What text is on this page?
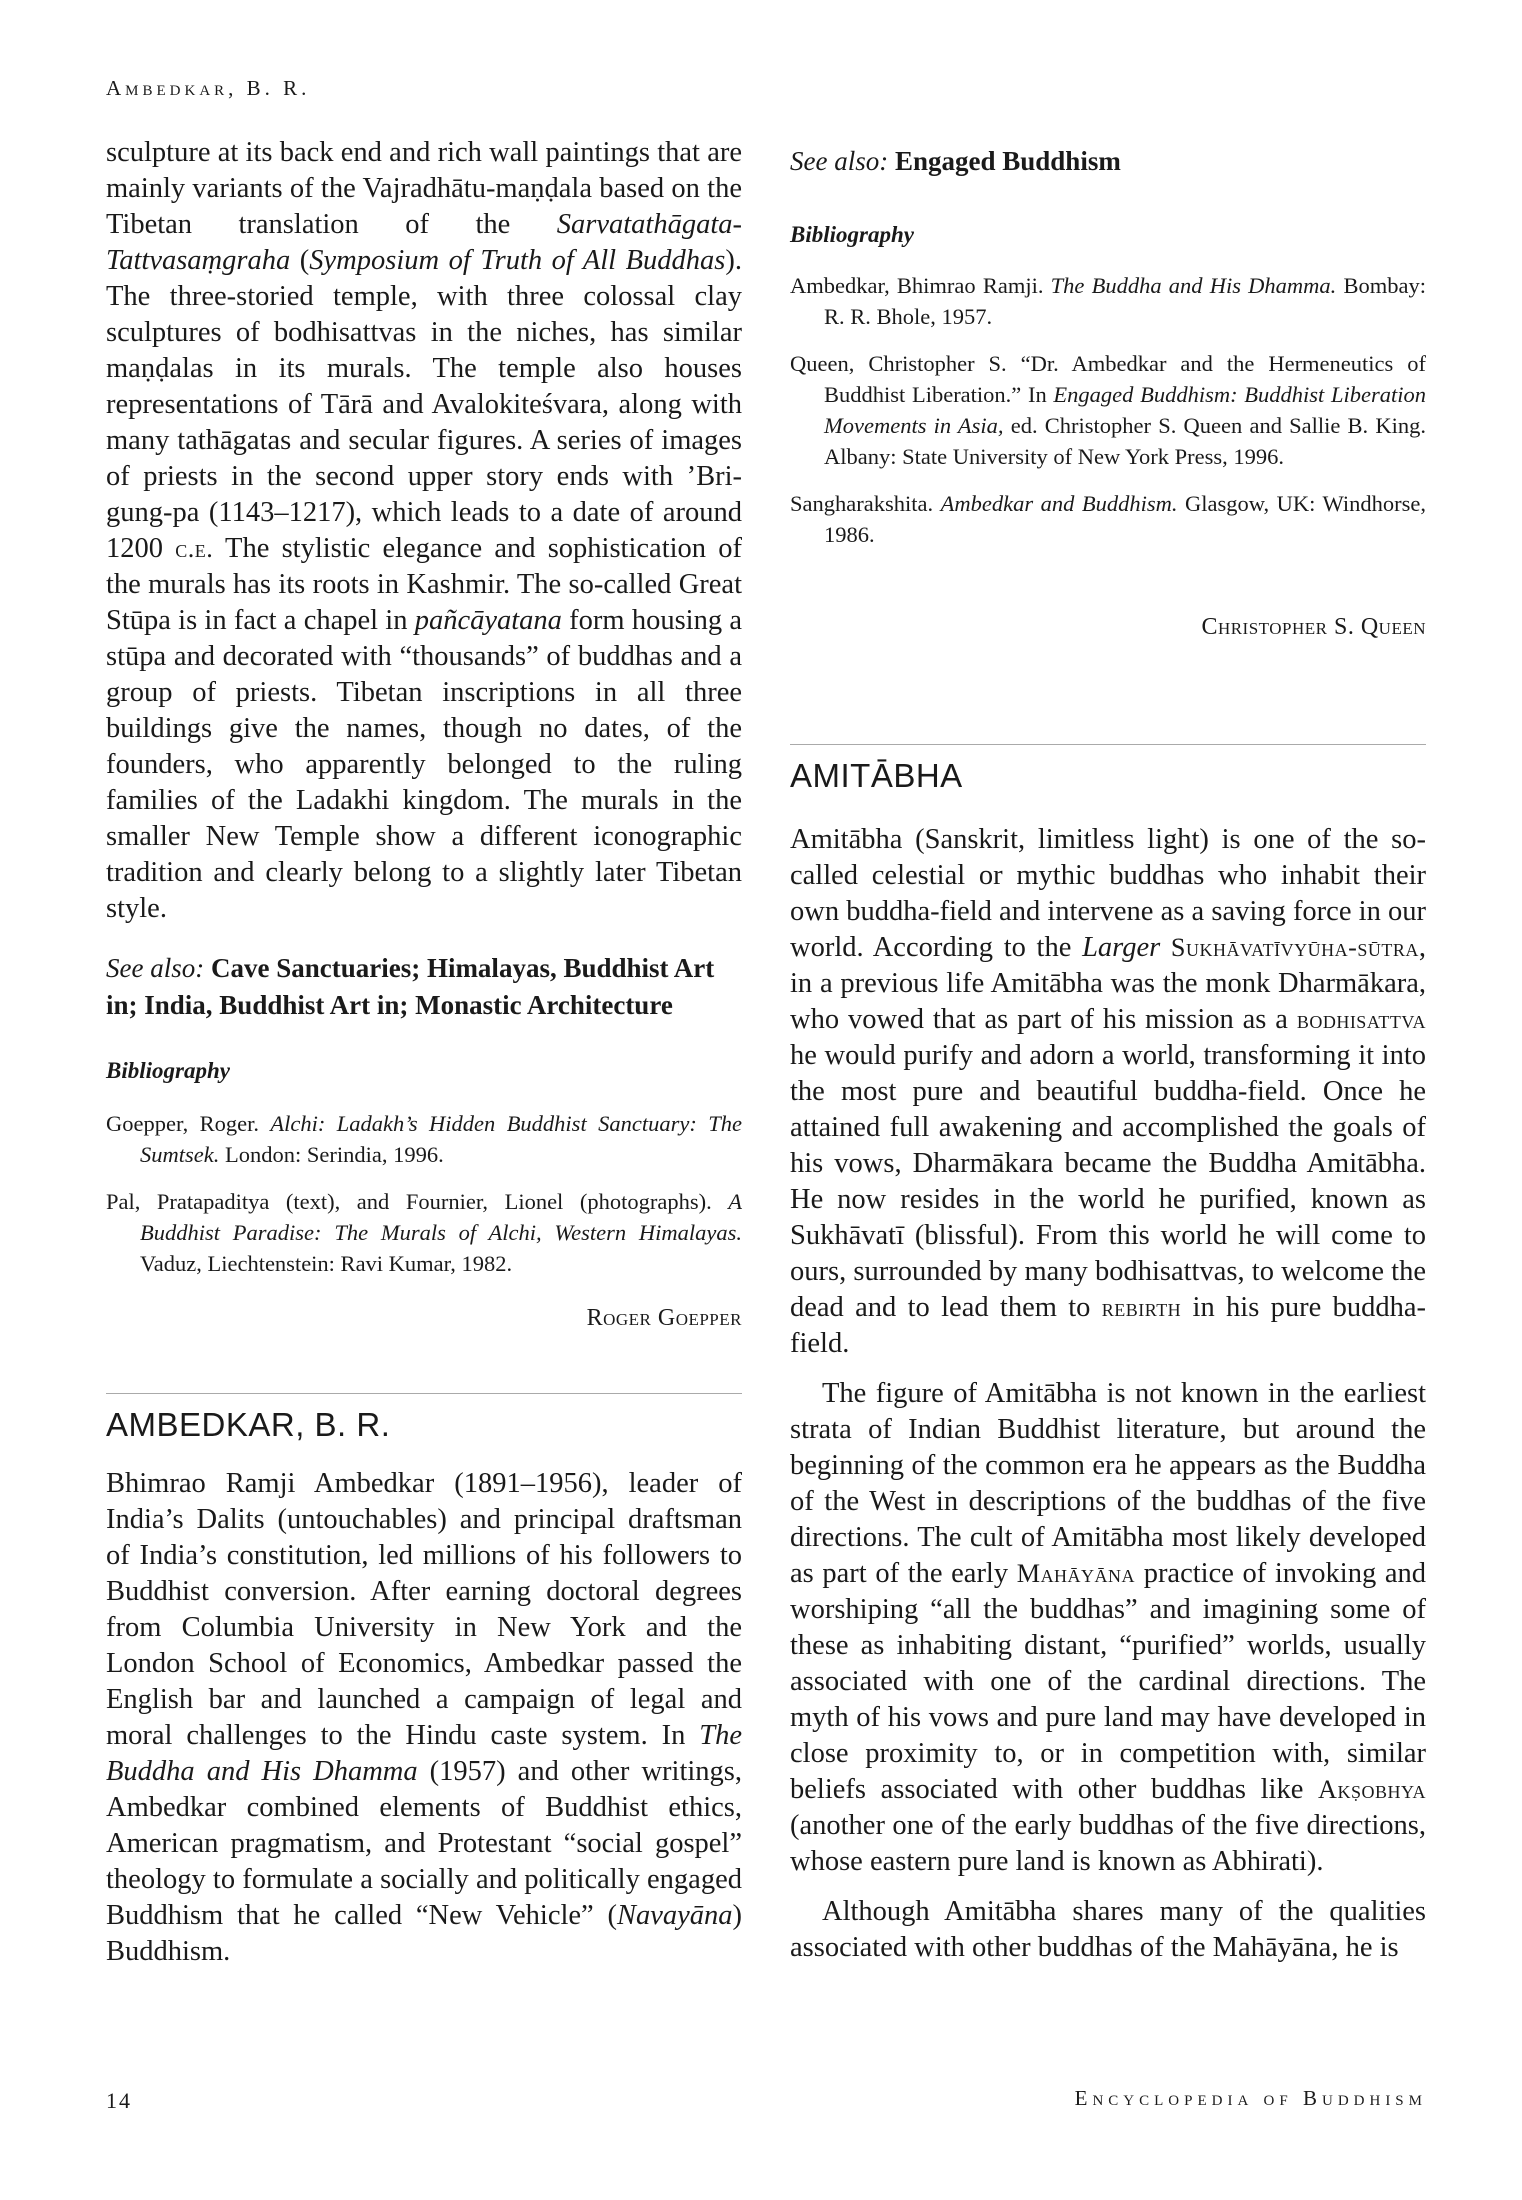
Ambedkar, B. R.

sculpture at its back end and rich wall paintings that are mainly variants of the Vajradhātu-maṇḍala based on the Tibetan translation of the Sarvatathāgata-Tattvasaṃgraha (Symposium of Truth of All Buddhas). The three-storied temple, with three colossal clay sculptures of bodhisattvas in the niches, has similar maṇḍalas in its murals. The temple also houses representations of Tārā and Avalokiteśvara, along with many tathāgatas and secular figures. A series of images of priests in the second upper story ends with ’Bri-gung-pa (1143–1217), which leads to a date of around 1200 c.e. The stylistic elegance and sophistication of the murals has its roots in Kashmir. The so-called Great Stūpa is in fact a chapel in pañcāyatana form housing a stūpa and decorated with “thousands” of buddhas and a group of priests. Tibetan inscriptions in all three buildings give the names, though no dates, of the founders, who apparently belonged to the ruling families of the Ladakhi kingdom. The murals in the smaller New Temple show a different iconographic tradition and clearly belong to a slightly later Tibetan style.

See also: Cave Sanctuaries; Himalayas, Buddhist Art in; India, Buddhist Art in; Monastic Architecture
Bibliography

Goepper, Roger. Alchi: Ladakh’s Hidden Buddhist Sanctuary: The Sumtsek. London: Serindia, 1996.

Pal, Pratapaditya (text), and Fournier, Lionel (photographs). A Buddhist Paradise: The Murals of Alchi, Western Himalayas. Vaduz, Liechtenstein: Ravi Kumar, 1982.

Roger Goepper
AMBEDKAR, B. R.

Bhimrao Ramji Ambedkar (1891–1956), leader of India’s Dalits (untouchables) and principal draftsman of India’s constitution, led millions of his followers to Buddhist conversion. After earning doctoral degrees from Columbia University in New York and the London School of Economics, Ambedkar passed the English bar and launched a campaign of legal and moral challenges to the Hindu caste system. In The Buddha and His Dhamma (1957) and other writings, Ambedkar combined elements of Buddhist ethics, American pragmatism, and Protestant “social gospel” theology to formulate a socially and politically engaged Buddhism that he called “New Vehicle” (Navayāna) Buddhism.

See also: Engaged Buddhism
Bibliography

Ambedkar, Bhimrao Ramji. The Buddha and His Dhamma. Bombay: R. R. Bhole, 1957.

Queen, Christopher S. “Dr. Ambedkar and the Hermeneutics of Buddhist Liberation.” In Engaged Buddhism: Buddhist Liberation Movements in Asia, ed. Christopher S. Queen and Sallie B. King. Albany: State University of New York Press, 1996.

Sangharakshita. Ambedkar and Buddhism. Glasgow, UK: Windhorse, 1986.

Christopher S. Queen
AMITĀBHA

Amitābha (Sanskrit, limitless light) is one of the so-called celestial or mythic buddhas who inhabit their own buddha-field and intervene as a saving force in our world. According to the Larger Sukhāvatīvyūha-sūtra, in a previous life Amitābha was the monk Dharmākara, who vowed that as part of his mission as a bodhisattva he would purify and adorn a world, transforming it into the most pure and beautiful buddha-field. Once he attained full awakening and accomplished the goals of his vows, Dharmākara became the Buddha Amitābha. He now resides in the world he purified, known as Sukhāvatī (blissful). From this world he will come to ours, surrounded by many bodhisattvas, to welcome the dead and to lead them to rebirth in his pure buddha-field.

The figure of Amitābha is not known in the earliest strata of Indian Buddhist literature, but around the beginning of the common era he appears as the Buddha of the West in descriptions of the buddhas of the five directions. The cult of Amitābha most likely developed as part of the early Mahāyāna practice of invoking and worshiping “all the buddhas” and imagining some of these as inhabiting distant, “purified” worlds, usually associated with one of the cardinal directions. The myth of his vows and pure land may have developed in close proximity to, or in competition with, similar beliefs associated with other buddhas like Akṣobhya (another one of the early buddhas of the five directions, whose eastern pure land is known as Abhirati).

Although Amitābha shares many of the qualities associated with other buddhas of the Mahāyāna, he is

14	Encyclopedia of Buddhism
